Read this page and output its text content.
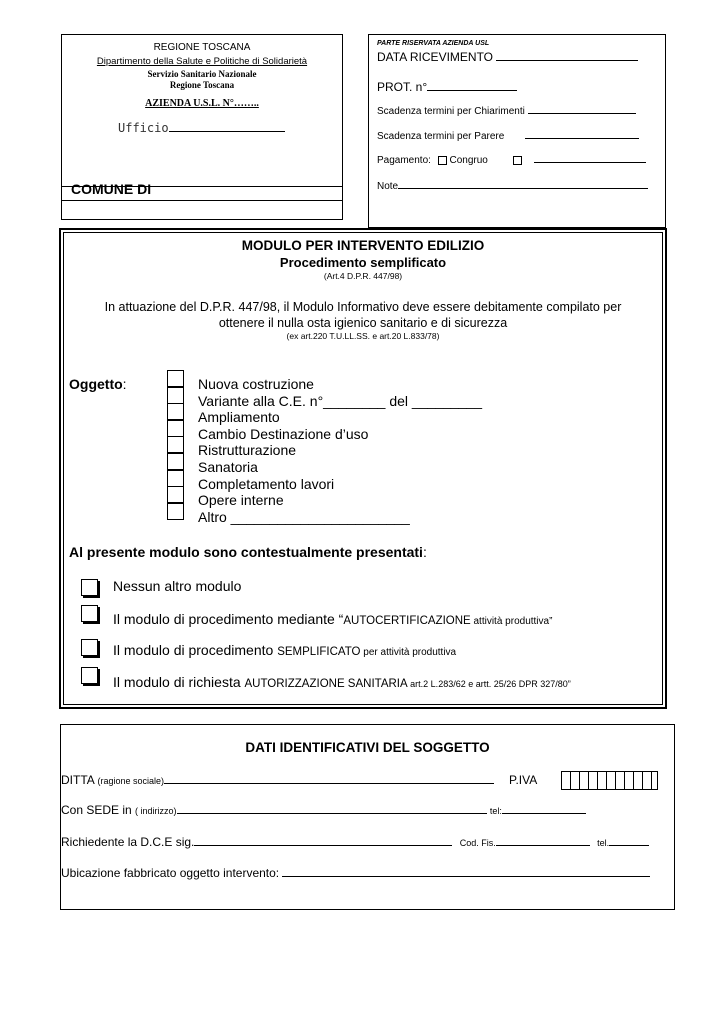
REGIONE TOSCANA
Dipartimento della Salute e Politiche di Solidarietà
Servizio Sanitario Nazionale
Regione Toscana
AZIENDA U.S.L. N°……..
Ufficio
COMUNE DI
PARTE RISERVATA AZIENDA USL
DATA RICEVIMENTO
PROT. n°
Scadenza termini per Chiarimenti
Scadenza termini per Parere
Pagamento: Congruo
Note
MODULO PER INTERVENTO EDILIZIO
Procedimento semplificato
(Art.4 D.P.R. 447/98)
In attuazione del D.P.R. 447/98, il Modulo Informativo deve essere debitamente compilato per
ottenere il nulla osta igienico sanitario e di sicurezza
(ex art.220 T.U.LL.SS. e art.20 L.833/78)
Oggetto:	Nuova costruzione
Variante alla C.E. n°________ del _________
Ampliamento
Cambio Destinazione d’uso
Ristrutturazione
Sanatoria
Completamento lavori
Opere interne
Altro _______________________
Al presente modulo sono contestualmente presentati:
Nessun altro modulo
Il modulo di procedimento mediante “AUTOCERTIFICAZIONE attività produttiva”
Il modulo di procedimento SEMPLIFICATO per attività produttiva
Il modulo di richiesta AUTORIZZAZIONE SANITARIA art.2 L.283/62 e artt. 25/26 DPR 327/80”
DATI IDENTIFICATIVI DEL SOGGETTO
DITTA (ragione sociale)	P.IVA
Con SEDE in ( indirizzo)	tel:
Richiedente la D.C.E sig.	Cod. Fis.	tel.
Ubicazione fabbricato oggetto intervento:
